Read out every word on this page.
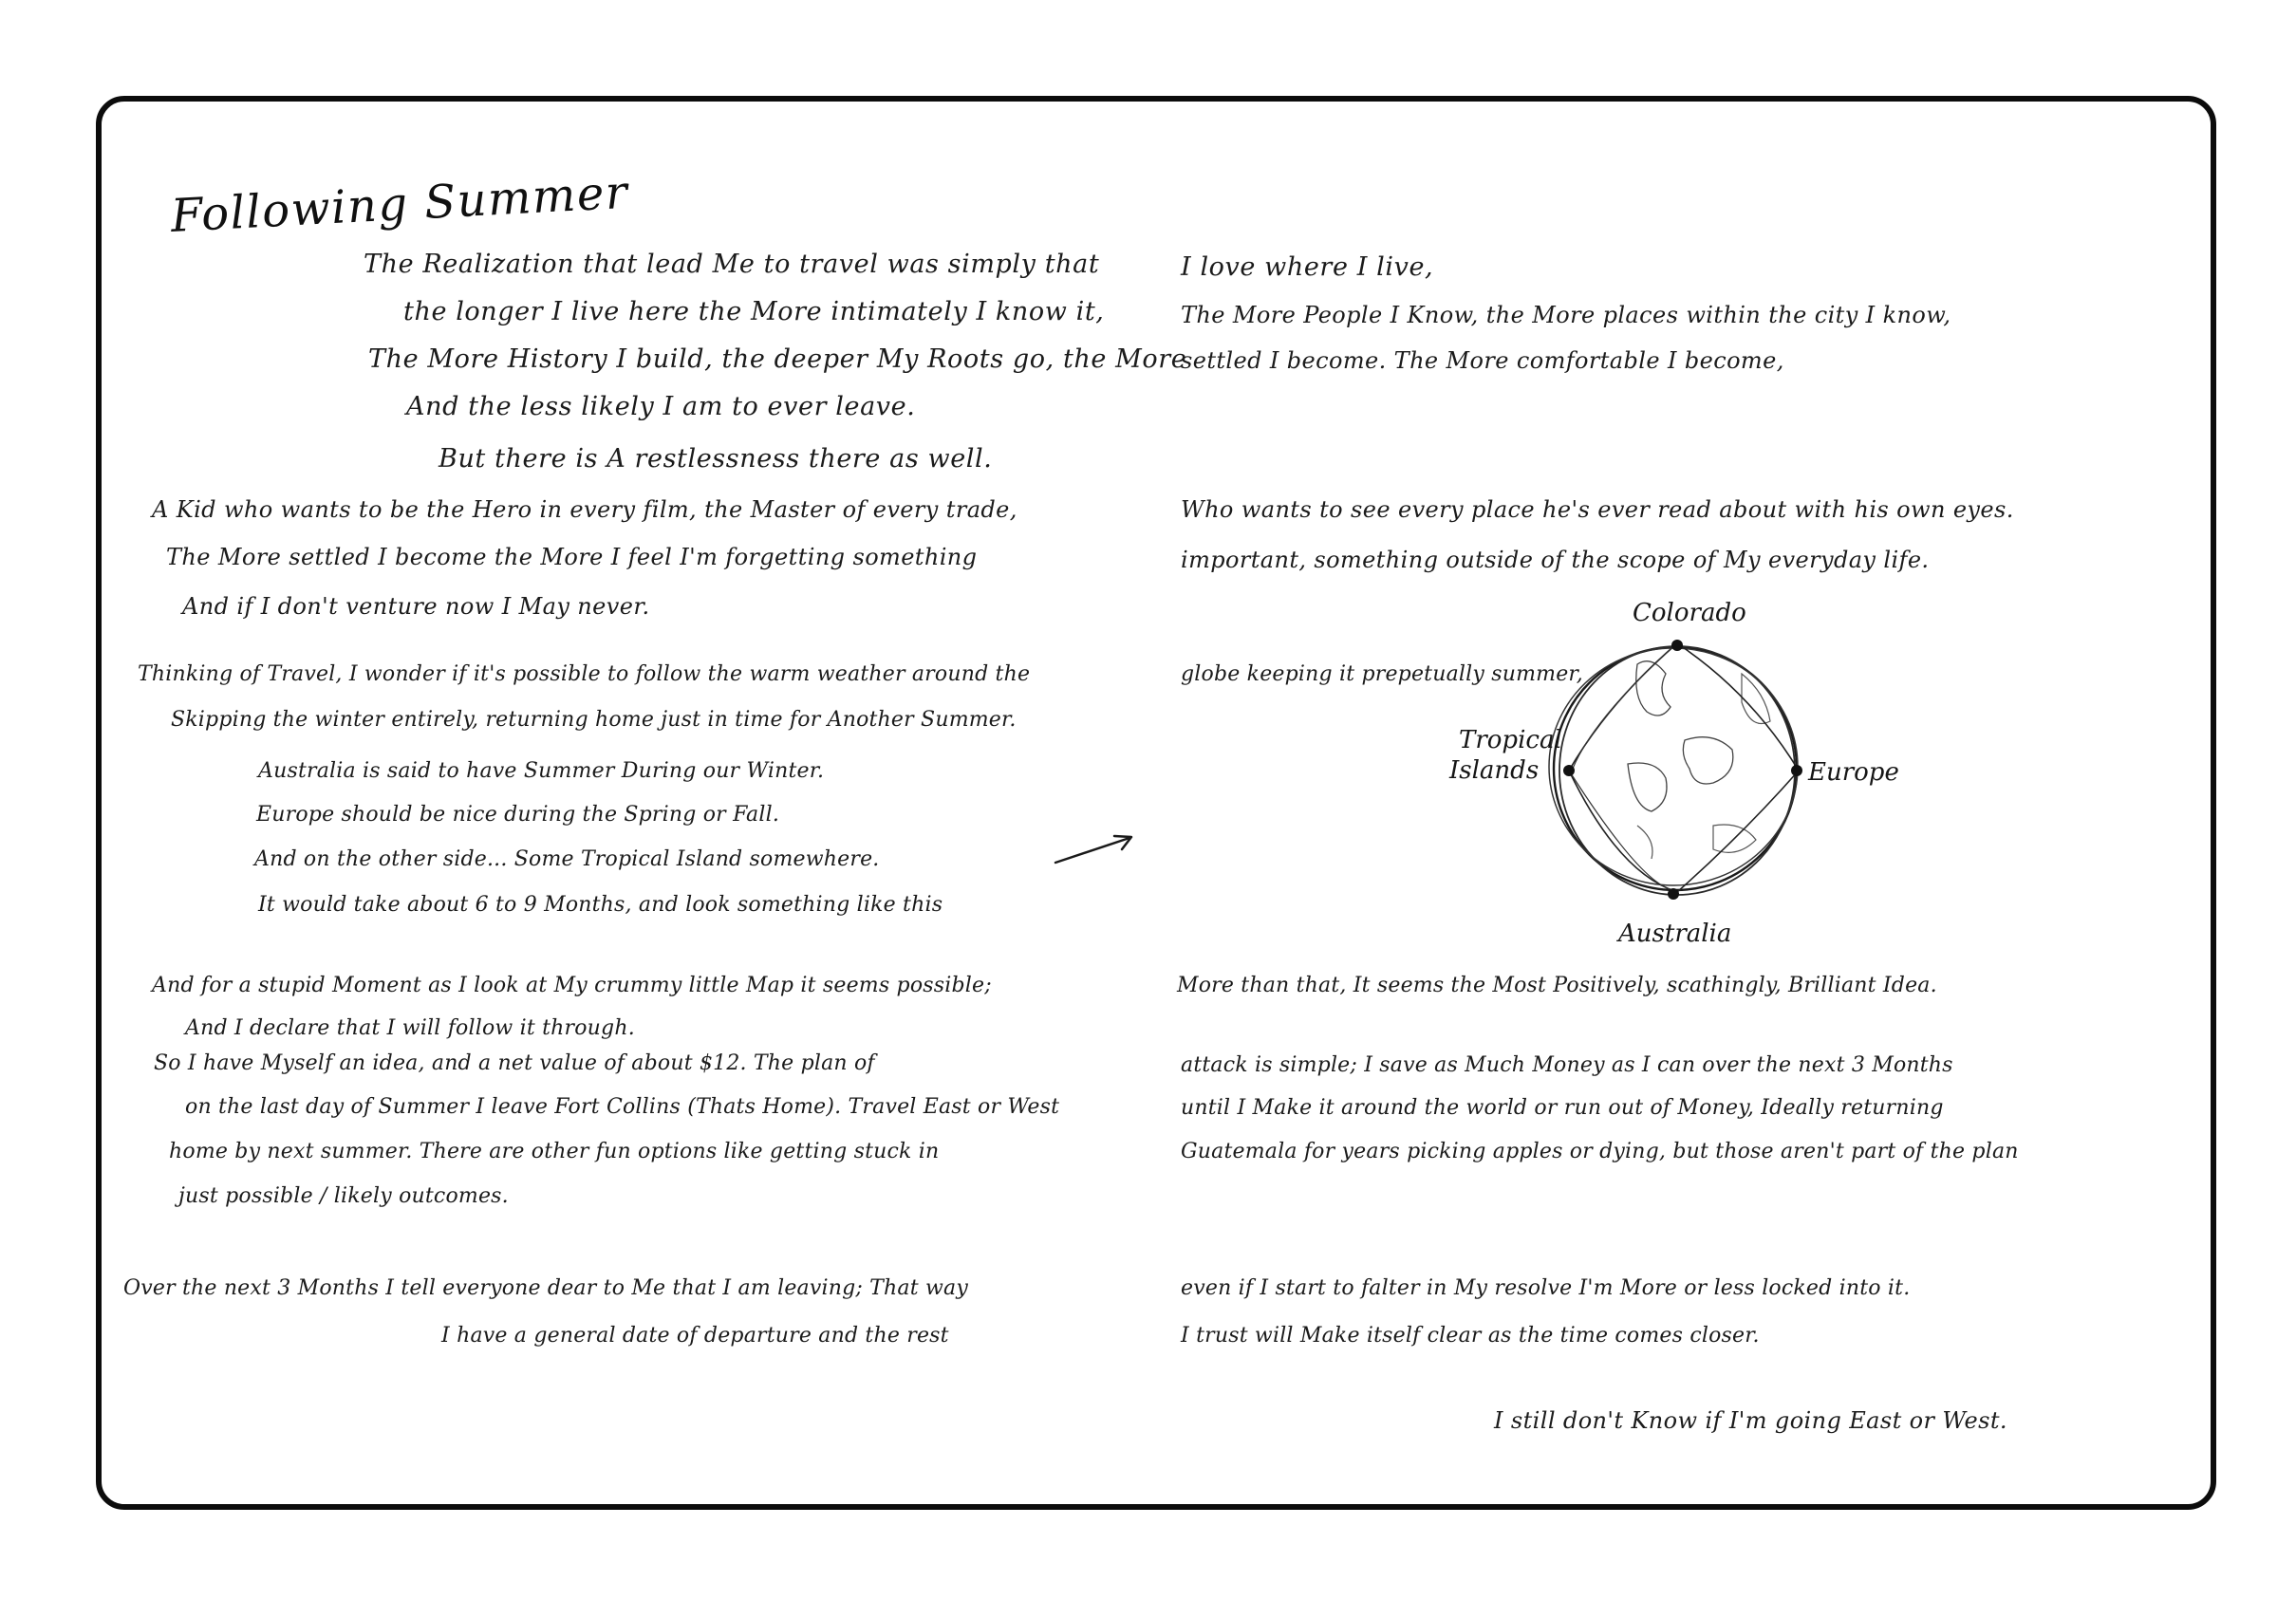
Following Summer
The Realization that lead Me to travel was simply that
the longer I live here the More intimately I know it,
The More History I build, the deeper My Roots go, the More
And the less likely I am to ever leave.
But there is A restlessness there as well.
A Kid who wants to be the Hero in every film, the Master of every trade,
The More settled I become the More I feel I'm forgetting something
And if I don't venture now I May never.
Thinking of Travel, I wonder if it's possible to follow the warm weather around the
Skipping the winter entirely, returning home just in time for Another Summer.
Australia is said to have Summer During our Winter.
Europe should be nice during the Spring or Fall.
And on the other side... Some Tropical Island somewhere.
It would take about 6 to 9 Months, and look something like this
And for a stupid Moment as I look at My crummy little Map it seems possible;
And I declare that I will follow it through.
So I have Myself an idea, and a net value of about $12. The plan of
on the last day of Summer I leave Fort Collins (Thats Home). Travel East or West
home by next summer. There are other fun options like getting stuck in
just possible / likely outcomes.
Over the next 3 Months I tell everyone dear to Me that I am leaving; That way
I have a general date of departure and the rest
I love where I live,
The More People I Know, the More places within the city I know,
settled I become. The More comfortable I become,
Who wants to see every place he's ever read about with his own eyes.
important, something outside of the scope of My everyday life.
globe keeping it prepetually summer,
More than that, It seems the Most Positively, scathingly, Brilliant Idea.
attack is simple; I save as Much Money as I can over the next 3 Months
until I Make it around the world or run out of Money, Ideally returning
Guatemala for years picking apples or dying, but those aren't part of the plan
even if I start to falter in My resolve I'm More or less locked into it.
I trust will Make itself clear as the time comes closer.
I still don't Know if I'm going East or West.
Colorado
Tropical
Islands	Europe
Australia
